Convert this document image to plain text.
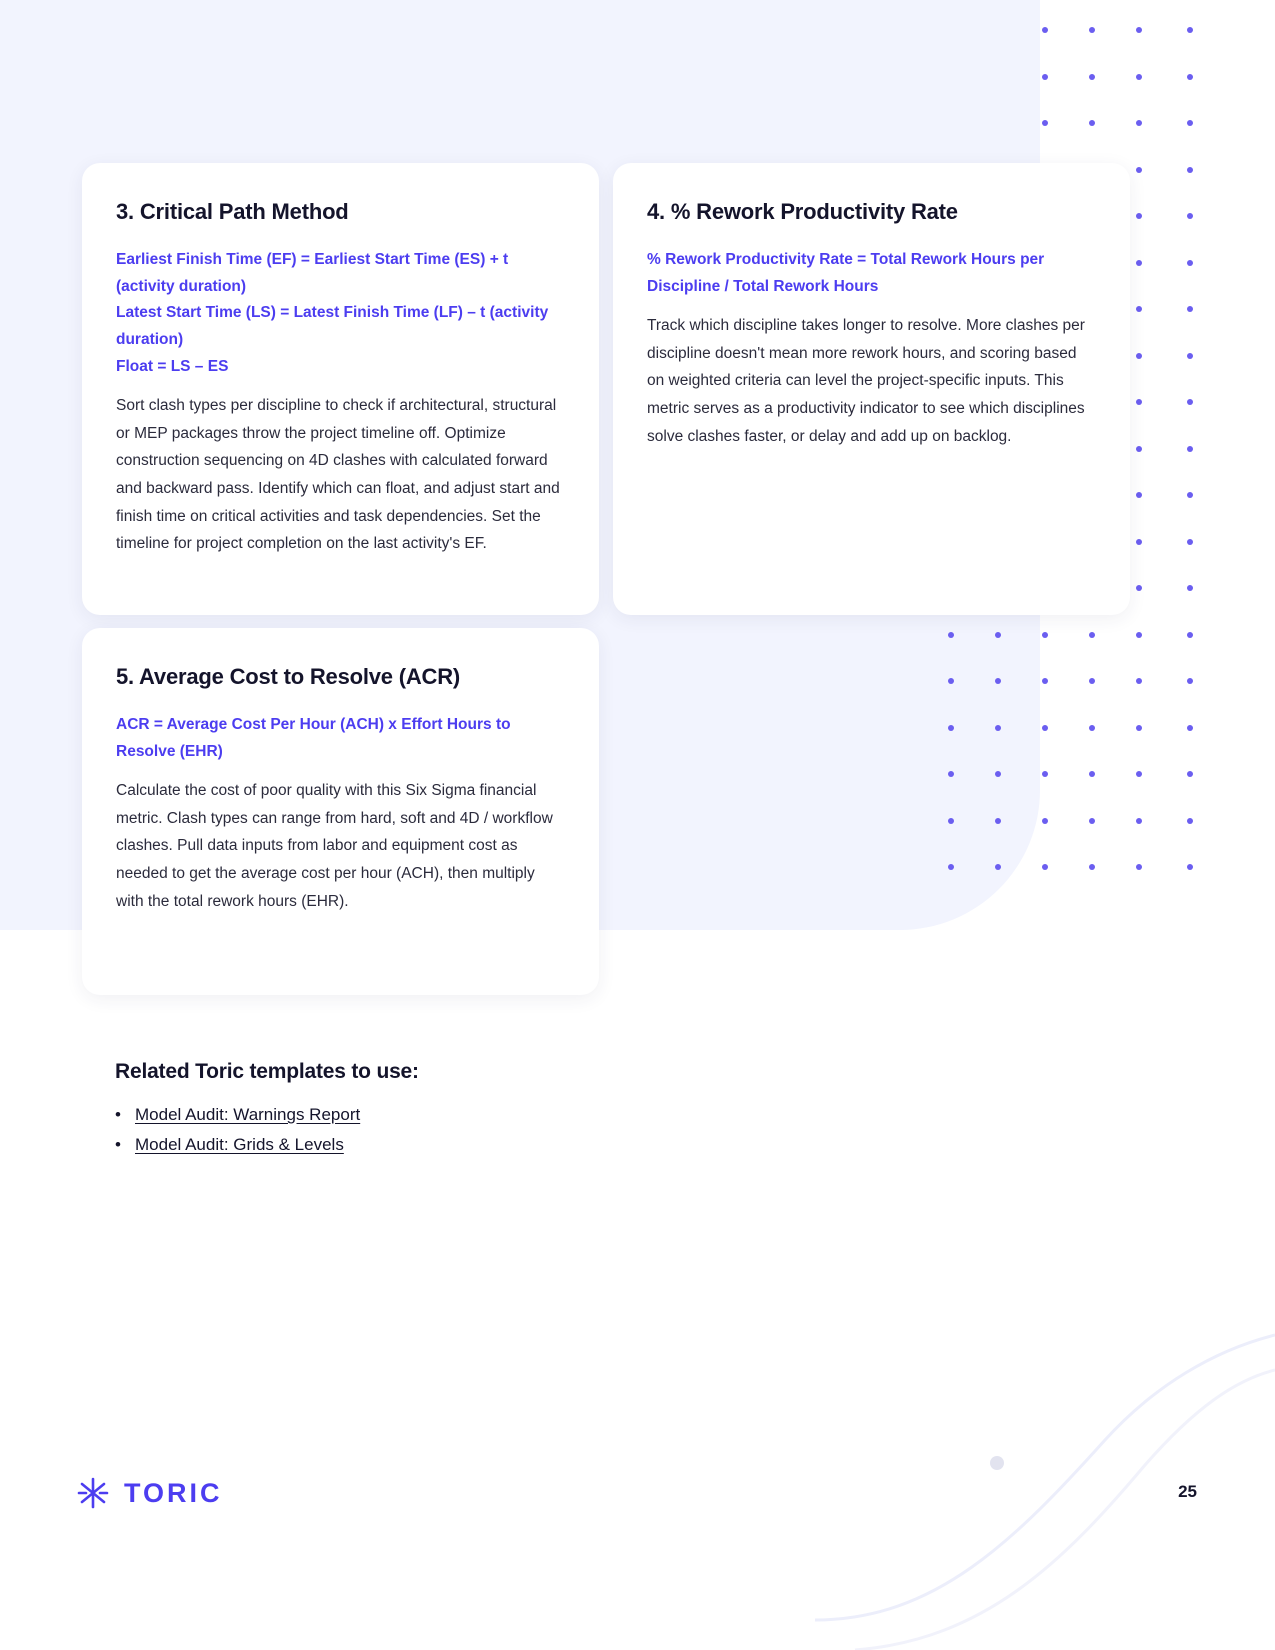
3. Critical Path Method
Earliest Finish Time (EF) = Earliest Start Time (ES) + t (activity duration)
Latest Start Time (LS) = Latest Finish Time (LF) – t (activity duration)
Float = LS – ES
Sort clash types per discipline to check if architectural, structural or MEP packages throw the project timeline off. Optimize construction sequencing on 4D clashes with calculated forward and backward pass. Identify which can float, and adjust start and finish time on critical activities and task dependencies. Set the timeline for project completion on the last activity's EF.
4. % Rework Productivity Rate
% Rework Productivity Rate = Total Rework Hours per Discipline / Total Rework Hours
Track which discipline takes longer to resolve. More clashes per discipline doesn't mean more rework hours, and scoring based on weighted criteria can level the project-specific inputs. This metric serves as a productivity indicator to see which disciplines solve clashes faster, or delay and add up on backlog.
5. Average Cost to Resolve (ACR)
ACR = Average Cost Per Hour (ACH) x Effort Hours to Resolve (EHR)
Calculate the cost of poor quality with this Six Sigma financial metric. Clash types can range from hard, soft and 4D / workflow clashes. Pull data inputs from labor and equipment cost as needed to get the average cost per hour (ACH), then multiply with the total rework hours (EHR).
Related Toric templates to use:
• Model Audit: Warnings Report
• Model Audit: Grids & Levels
TORIC	25
